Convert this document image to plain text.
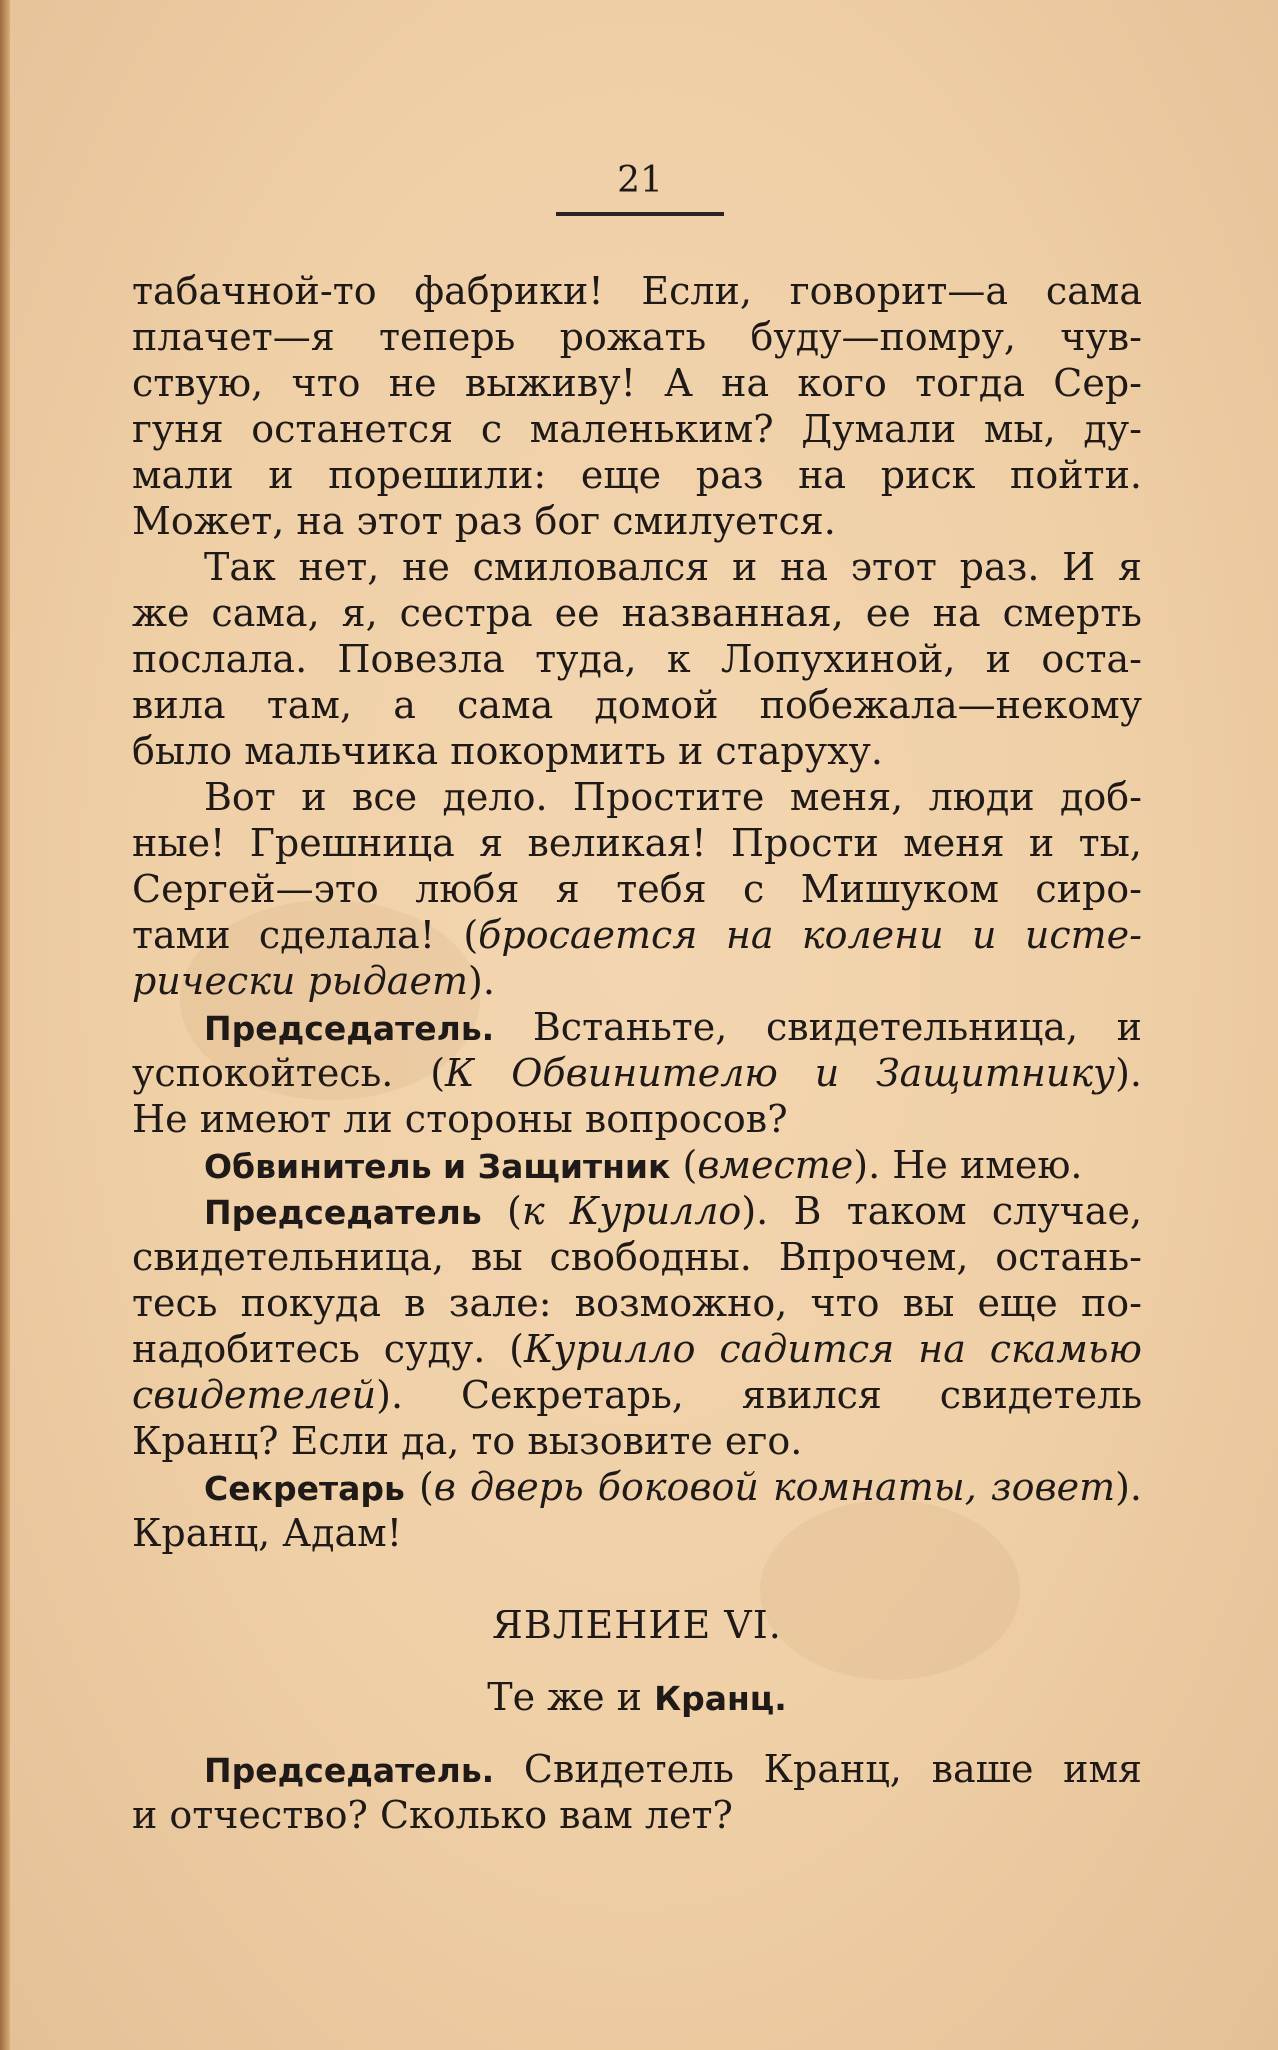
21
табачной-то фабрики! Если, говорит—а сама
плачет—я теперь рожать буду—помру, чув-
ствую, что не выживу! А на кого тогда Сер-
гуня останется с маленьким? Думали мы, ду-
мали и порешили: еще раз на риск пойти.
Может, на этот раз бог смилуется.
Так нет, не смиловался и на этот раз. И я
же сама, я, сестра ее названная, ее на смерть
послала. Повезла туда, к Лопухиной, и оста-
вила там, а сама домой побежала—некому
было мальчика покормить и старуху.
Вот и все дело. Простите меня, люди доб-
ные! Грешница я великая! Прости меня и ты,
Сергей—это любя я тебя с Мишуком сиро-
тами сделала! (бросается на колени и исте-
рически рыдает).
Председатель. Встаньте, свидетельница, и
успокойтесь. (К Обвинителю и Защитнику).
Не имеют ли стороны вопросов?
Обвинитель и Защитник (вместе). Не имею.
Председатель (к Курилло). В таком случае,
свидетельница, вы свободны. Впрочем, остань-
тесь покуда в зале: возможно, что вы еще по-
надобитесь суду. (Курилло садится на скамью
свидетелей). Секретарь, явился свидетель
Кранц? Если да, то вызовите его.
Секретарь (в дверь боковой комнаты, зовет).
Кранц, Адам!
ЯВЛЕНИЕ VI.
Те же и Кранц.
Председатель. Свидетель Кранц, ваше имя
и отчество? Сколько вам лет?
